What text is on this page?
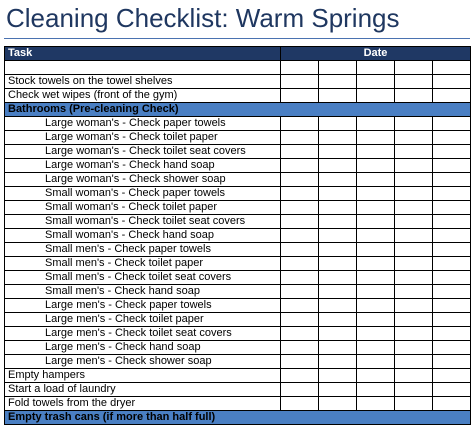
Cleaning Checklist: Warm Springs
Task	Date				

Stock towels on the towel shelves					
Check wet wipes (front of the gym)					
Bathrooms (Pre-cleaning Check)					
Large woman's - Check paper towels					
Large woman's - Check toilet paper					
Large woman's - Check toilet seat covers					
Large woman's - Check hand soap					
Large woman's - Check shower soap					
Small woman's - Check paper towels					
Small woman's - Check toilet paper					
Small woman's - Check toilet seat covers					
Small woman's - Check hand soap					
Small men's - Check paper towels					
Small men's - Check toilet paper					
Small men's - Check toilet seat covers					
Small men's - Check hand soap					
Large men's - Check paper towels					
Large men's - Check toilet paper					
Large men's - Check toilet seat covers					
Large men's - Check hand soap					
Large men's - Check shower soap					
Empty hampers					
Start a load of laundry					
Fold towels from the dryer					
Empty trash cans (if more than half full)					
